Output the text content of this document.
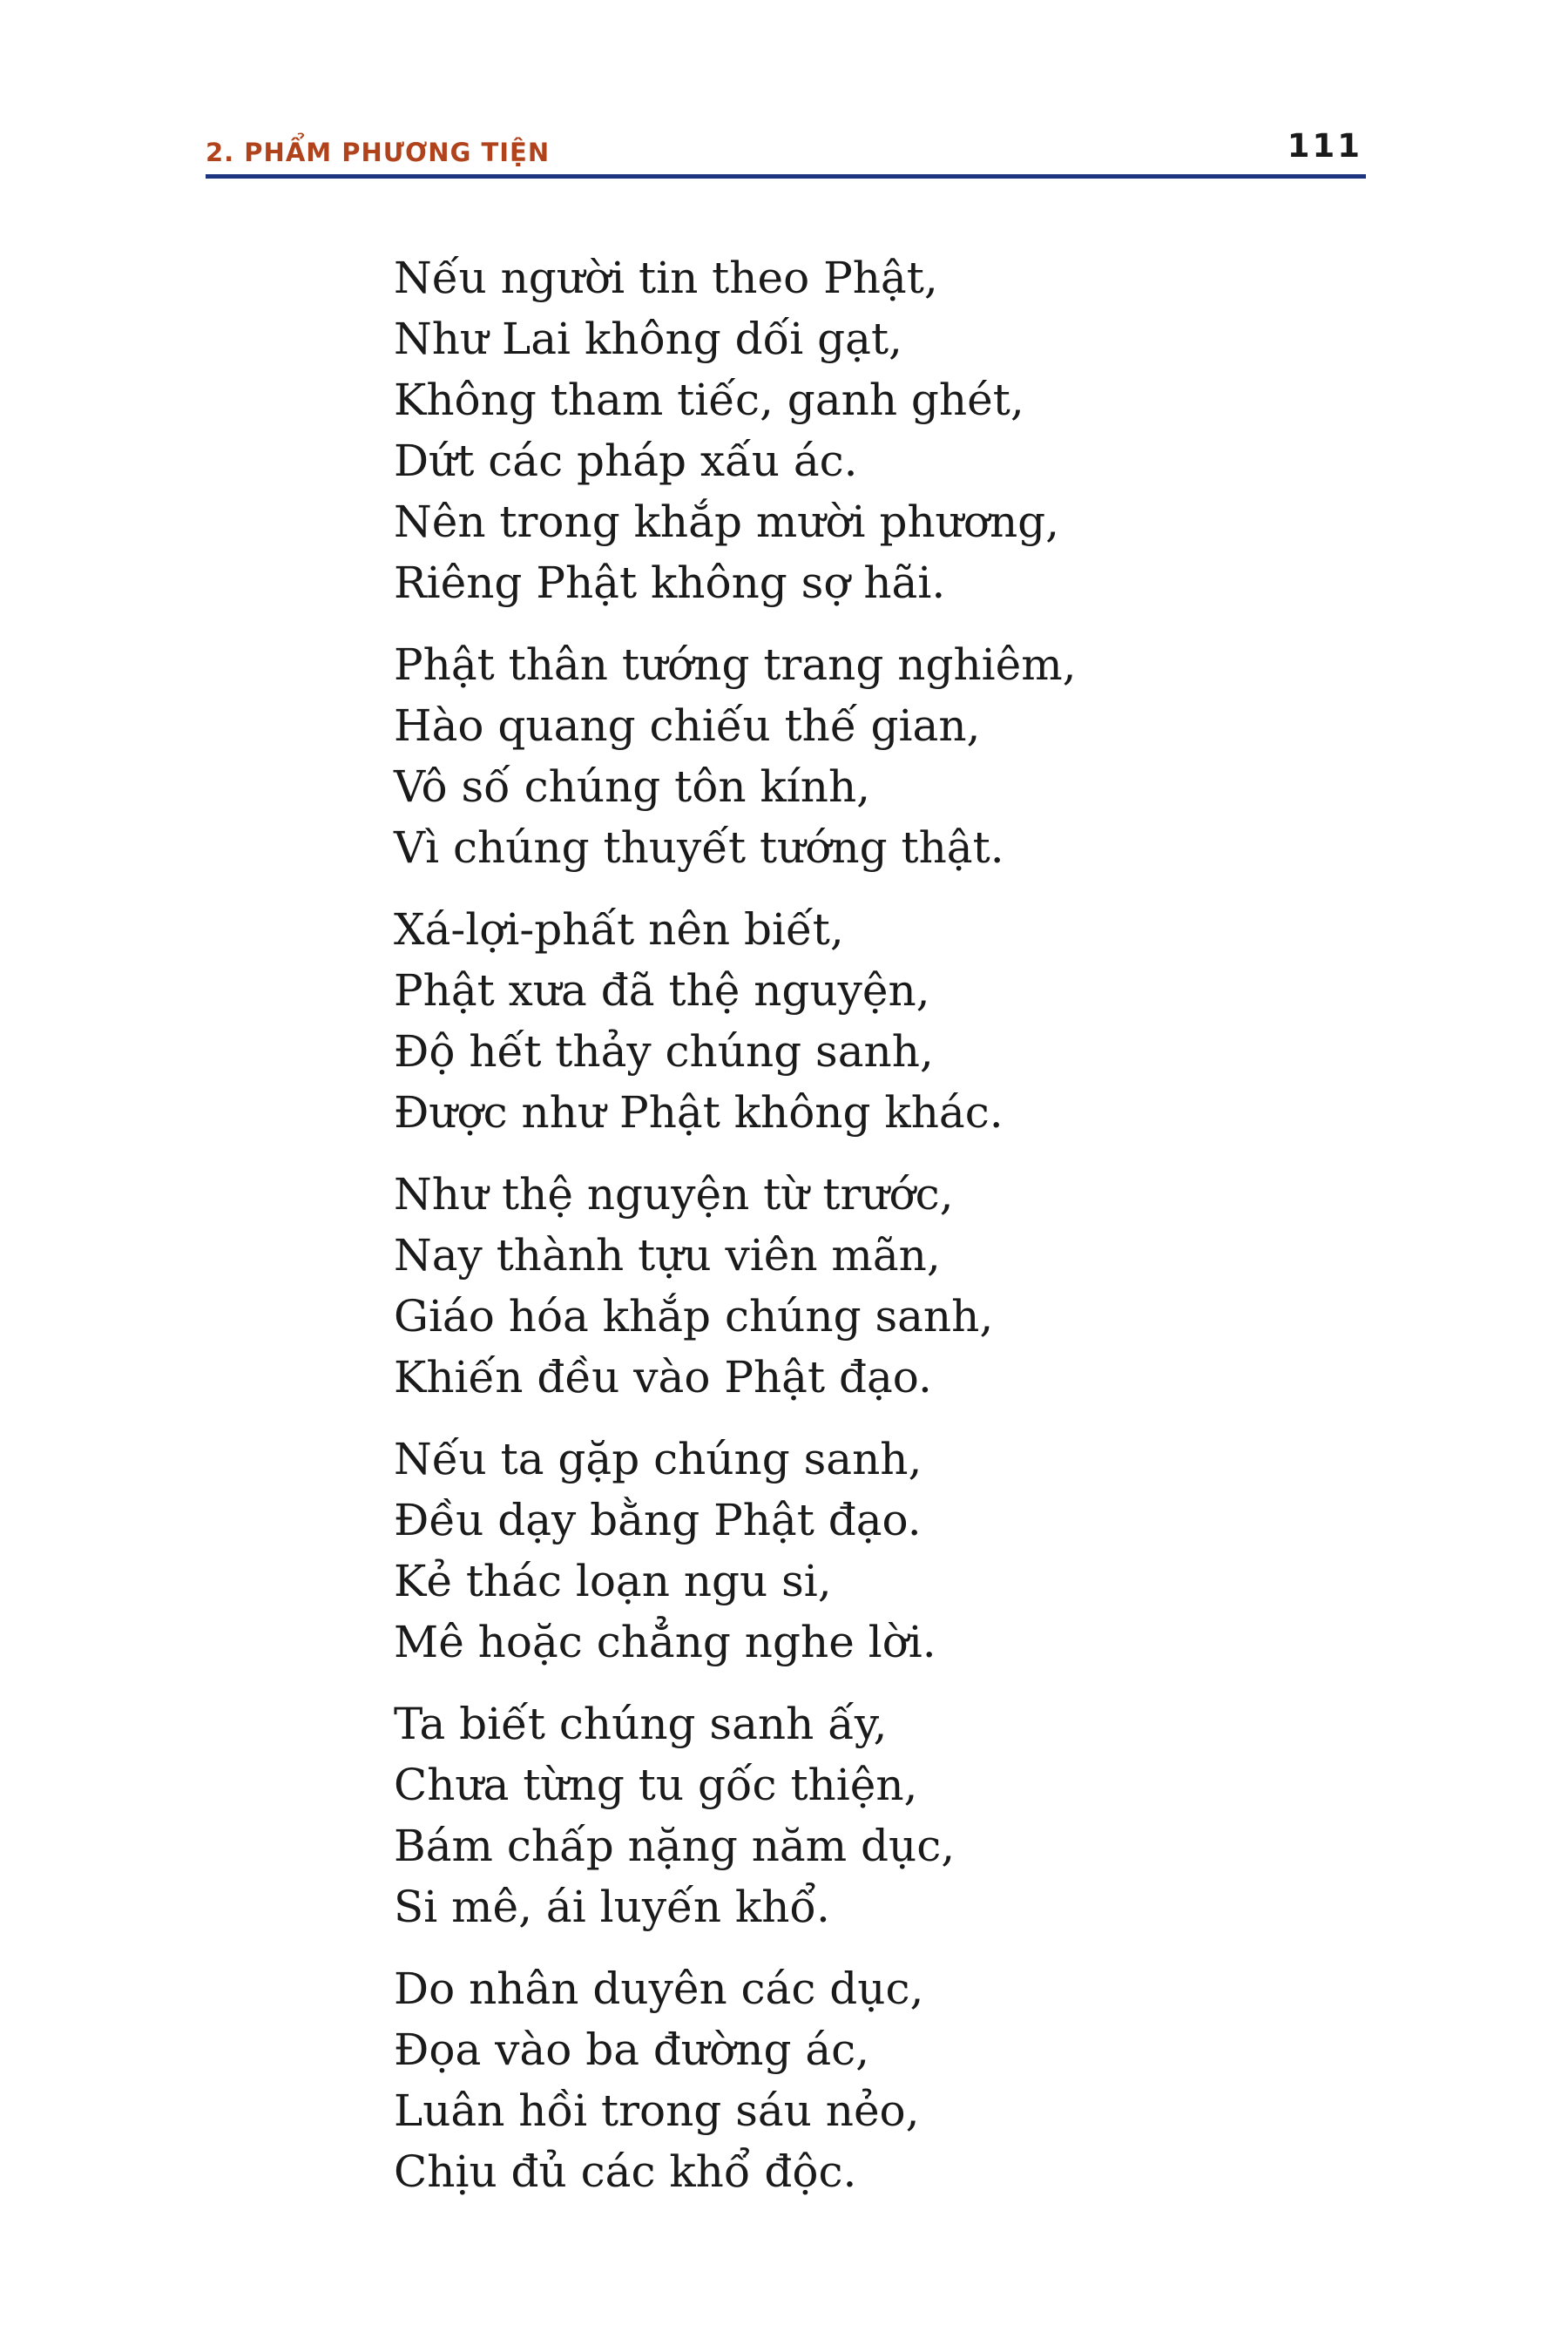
2. PHẨM PHƯƠNG TIỆN	111
Nếu người tin theo Phật,
Như Lai không dối gạt,
Không tham tiếc, ganh ghét,
Dứt các pháp xấu ác.
Nên trong khắp mười phương,
Riêng Phật không sợ hãi.
Phật thân tướng trang nghiêm,
Hào quang chiếu thế gian,
Vô số chúng tôn kính,
Vì chúng thuyết tướng thật.
Xá-lợi-phất nên biết,
Phật xưa đã thệ nguyện,
Độ hết thảy chúng sanh,
Được như Phật không khác.
Như thệ nguyện từ trước,
Nay thành tựu viên mãn,
Giáo hóa khắp chúng sanh,
Khiến đều vào Phật đạo.
Nếu ta gặp chúng sanh,
Đều dạy bằng Phật đạo.
Kẻ thác loạn ngu si,
Mê hoặc chẳng nghe lời.
Ta biết chúng sanh ấy,
Chưa từng tu gốc thiện,
Bám chấp nặng năm dục,
Si mê, ái luyến khổ.
Do nhân duyên các dục,
Đọa vào ba đường ác,
Luân hồi trong sáu nẻo,
Chịu đủ các khổ độc.
